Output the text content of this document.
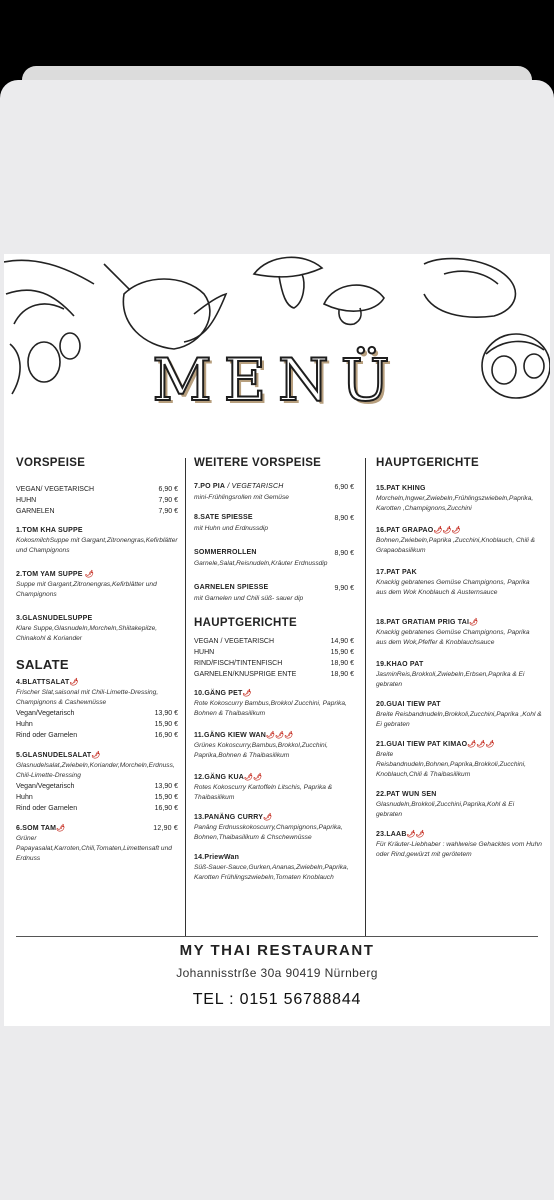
MENÜ
VORSPEISE
VEGAN/ VEGETARISCH	6,90 €
HUHN	7,90 €
GARNELEN	7,90 €
1.TOM KHA SUPPE
KokosmilchSuppe mit Gargant,Zitronengras,Kefirblätter und Champignons
2.TOM YAM SUPPE 🌶
Suppe mit Gargant,Zitronengras,Kefirblätter und Champignons
3.GLASNUDELSUPPE
Klare Suppe,Glasnudeln,Morcheln,Shiitakepilze, Chinakohl & Koriander
SALATE
4.BLATTSALAT🌶
Frischer Slat,saisonal mit Chili-Limette-Dressing, Champignons & Cashewnüsse
Vegan/Vegetarisch	13,90 €
Huhn	15,90 €
Rind oder Garnelen	16,90 €
5.GLASNUDELSALAT🌶
Glasnudelsalat,Zwiebeln,Koriander,Morcheln,Erdnuss, Chili-Limette-Dressing
Vegan/Vegetarisch	13,90 €
Huhn	15,90 €
Rind oder Garnelen	16,90 €
6.SOM TAM🌶	12,90 €
Grüner Papayasalat,Karroten,Chili,Tomaten,Limettensaft und Erdnuss
WEITERE VORSPEISE
7.PO PIA / VEGETARISCH	6,90 €
mini-Frühlingsrollen mit Gemüse
8.SATE SPIESSE	8,90 €
mit Huhn und Erdnussdip
SOMMERROLLEN	8,90 €
Garnele,Salat,Reisnudeln,Kräuter Erdnussdip
GARNELEN SPIESSE	9,90 €
mit Garnelen und Chili süß- sauer dip
HAUPTGERICHTE
VEGAN / VEGETARISCH	14,90 €
HUHN	15,90 €
RIND/FISCH/TINTENFISCH	18,90 €
GARNELEN/KNUSPRIGE ENTE	18,90 €
10.GÄNG PET🌶
Rote Kokoscurry Bambus,Brokkol Zucchini, Paprika, Bohnen & Thaibasilikum
11.GÄNG KIEW WAN🌶🌶🌶
Grünes Kokoscurry,Bambus,Brokkol,Zucchini, Paprika,Bohnen & Thaibasilikum
12.GÄNG KUA🌶🌶
Rotes Kokoscurry Kartoffeln Litschis, Paprika & Thaibasilikum
13.PANÄNG CURRY🌶
Panäng Erdnusskokoscurry,Champignons,Paprika, Bohnen,Thaibasilikum & Chschewnüsse
14.PriewWan
Süß-Sauer-Sauce,Gurken,Ananas,Zwiebeln,Paprika, Karotten Frühlingszwiebeln,Tomaten Knoblauch
HAUPTGERICHTE
15.PAT KHING
Morcheln,Ingwer,Zwiebeln,Frühlingszwiebeln,Paprika, Karotten ,Champignons,Zucchini
16.PAT GRAPAO🌶🌶🌶
Bohnen,Zwiebeln,Paprika ,Zucchini,Knoblauch, Chili & Grapaobasilikum
17.PAT PAK
Knackig gebratenes Gemüse Champignons, Paprika aus dem Wok Knoblauch & Austernsauce
18.PAT GRATIAM PRIG TAI🌶
Knackig gebratenes Gemüse Champignons, Paprika aus dem Wok,Pfeffer & Knoblauchsauce
19.KHAO PAT
JasminReis,Brokkoli,Zwiebeln,Erbsen,Paprika & Ei gebraten
20.GUAI TIEW PAT
Breite Reisbandnudeln,Brokkoli,Zucchini,Paprika ,Kohl & Ei gebraten
21.GUAI TIEW PAT KIMAO🌶🌶🌶
Breite Reisbandnudeln,Bohnen,Paprika,Brokkoli,Zucchini, Knoblauch,Chili & Thaibasilikum
22.PAT WUN SEN
Glasnudeln,Brokkoli,Zucchini,Paprika,Kohl & Ei gebraten
23.LAAB🌶🌶
Für Kräuter-Liebhaber : wahlweise Gehacktes vom Huhn oder Rind,gewürzt mit gerötetem
MY THAI RESTAURANT
Johannisstrße 30a 90419 Nürnberg
TEL : 0151 56788844
